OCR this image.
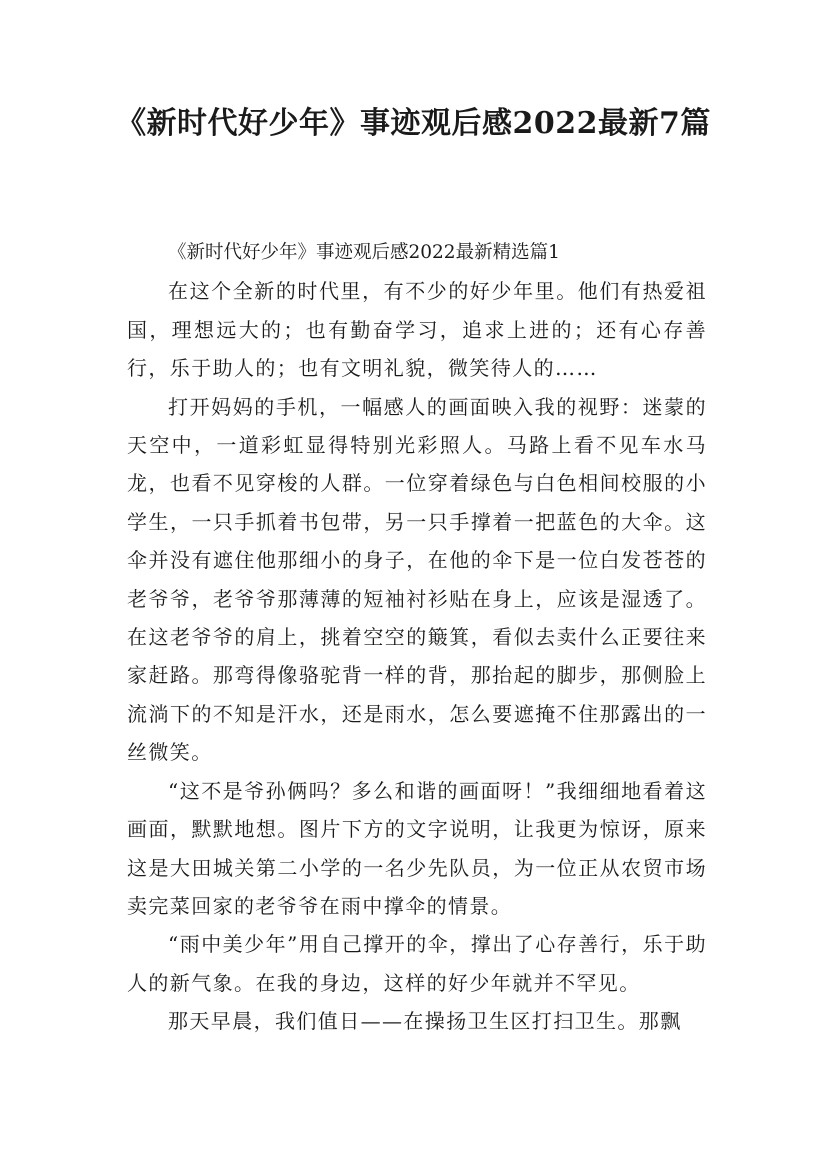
《新时代好少年》事迹观后感2022最新7篇

《新时代好少年》事迹观后感2022最新精选篇1

在这个全新的时代里，有不少的好少年里。他们有热爱祖国，理想远大的；也有勤奋学习，追求上进的；还有心存善行，乐于助人的；也有文明礼貌，微笑待人的……

打开妈妈的手机，一幅感人的画面映入我的视野：迷蒙的天空中，一道彩虹显得特别光彩照人。马路上看不见车水马龙，也看不见穿梭的人群。一位穿着绿色与白色相间校服的小学生，一只手抓着书包带，另一只手撑着一把蓝色的大伞。这伞并没有遮住他那细小的身子，在他的伞下是一位白发苍苍的老爷爷，老爷爷那薄薄的短袖衬衫贴在身上，应该是湿透了。在这老爷爷的肩上，挑着空空的簸箕，看似去卖什么正要往来家赶路。那弯得像骆驼背一样的背，那抬起的脚步，那侧脸上流淌下的不知是汗水，还是雨水，怎么要遮掩不住那露出的一丝微笑。

“这不是爷孙俩吗？多么和谐的画面呀！”我细细地看着这画面，默默地想。图片下方的文字说明，让我更为惊讶，原来这是大田城关第二小学的一名少先队员，为一位正从农贸市场卖完菜回家的老爷爷在雨中撑伞的情景。

“雨中美少年”用自己撑开的伞，撑出了心存善行，乐于助人的新气象。在我的身边，这样的好少年就并不罕见。

那天早晨，我们值日——在操扬卫生区打扫卫生。那飘
